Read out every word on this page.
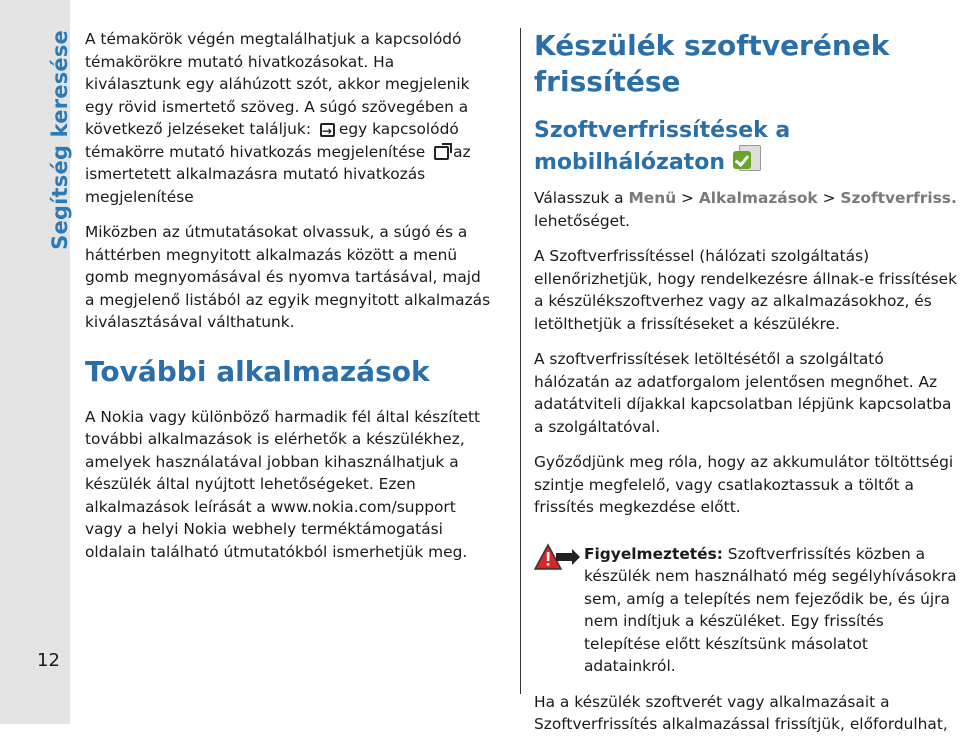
Segítség keresése
12

A témakörök végén megtalálhatjuk a kapcsolódó témakörökre mutató hivatkozásokat. Ha kiválasztunk egy aláhúzott szót, akkor megjelenik egy rövid ismertető szöveg. A súgó szövegében a következő jelzéseket találjuk: → egy kapcsolódó témakörre mutató hivatkozás megjelenítése az ismertetett alkalmazásra mutató hivatkozás megjelenítése

Miközben az útmutatásokat olvassuk, a súgó és a háttérben megnyitott alkalmazás között a menü gomb megnyomásával és nyomva tartásával, majd a megjelenő listából az egyik megnyitott alkalmazás kiválasztásával válthatunk.

További alkalmazások

A Nokia vagy különböző harmadik fél által készített további alkalmazások is elérhetők a készülékhez, amelyek használatával jobban kihasználhatjuk a készülék által nyújtott lehetőségeket. Ezen alkalmazások leírását a www.nokia.com/support vagy a helyi Nokia webhely terméktámogatási oldalain található útmutatókból ismerhetjük meg.

Készülék szoftverének frissítése
Szoftverfrissítések a mobilhálózaton

Válasszuk a Menü > Alkalmazások > Szoftverfriss. lehetőséget.

A Szoftverfrissítéssel (hálózati szolgáltatás) ellenőrizhetjük, hogy rendelkezésre állnak-e frissítések a készülékszoftverhez vagy az alkalmazásokhoz, és letölthetjük a frissítéseket a készülékre.

A szoftverfrissítések letöltésétől a szolgáltató hálózatán az adatforgalom jelentősen megnőhet. Az adatátviteli díjakkal kapcsolatban lépjünk kapcsolatba a szolgáltatóval.

Győződjünk meg róla, hogy az akkumulátor töltöttségi szintje megfelelő, vagy csatlakoztassuk a töltőt a frissítés megkezdése előtt.

Figyelmeztetés: Szoftverfrissítés közben a készülék nem használható még segélyhívásokra sem, amíg a telepítés nem fejeződik be, és újra nem indítjuk a készüléket. Egy frissítés telepítése előtt készítsünk másolatot adatainkról.

Ha a készülék szoftverét vagy alkalmazásait a Szoftverfrissítés alkalmazással frissítjük, előfordulhat,
